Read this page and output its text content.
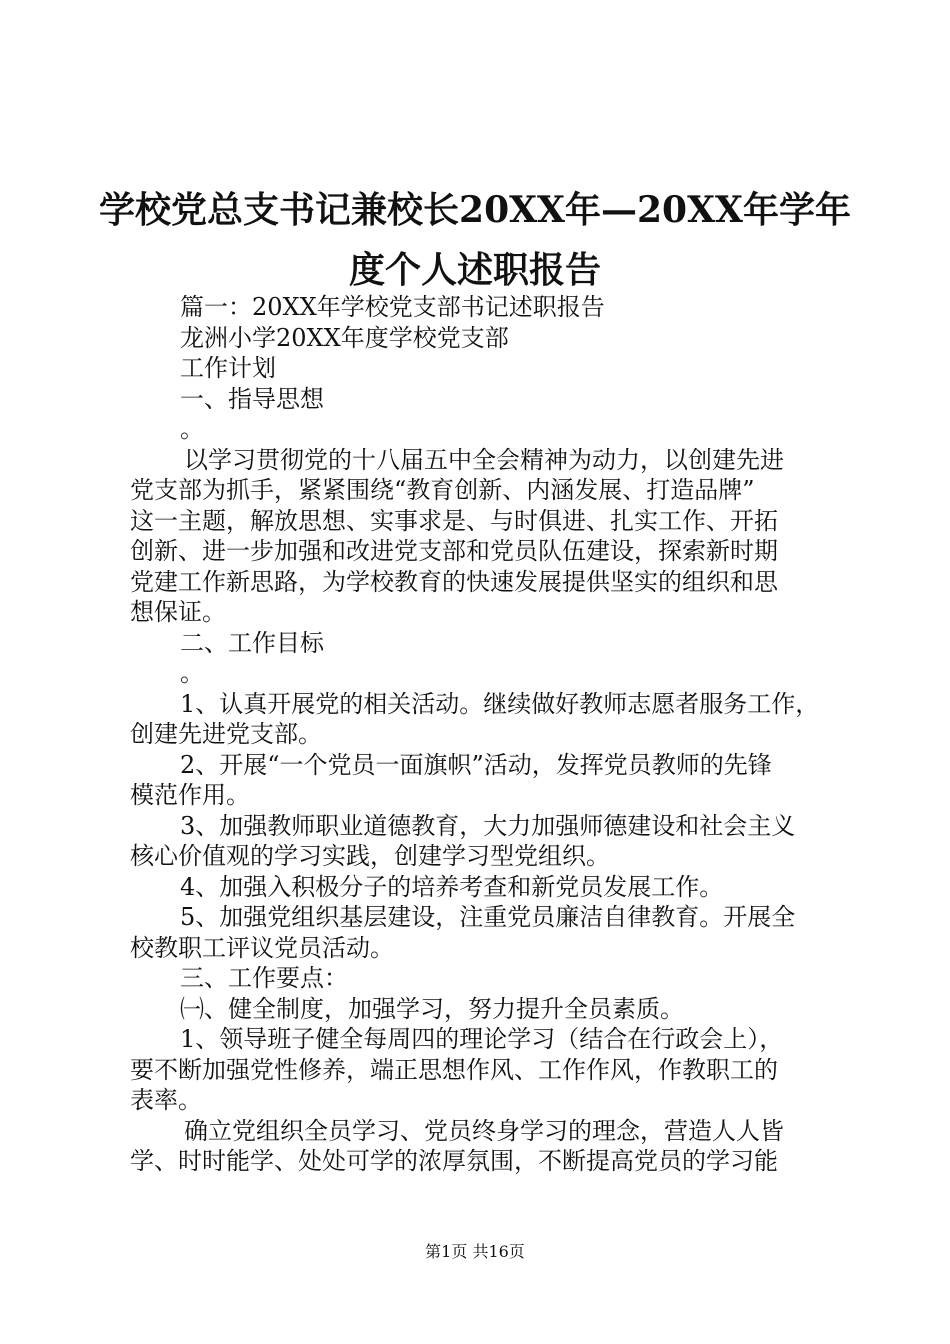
学校党总支书记兼校长20XX年—20XX年学年
度个人述职报告
篇一：20XX年学校党支部书记述职报告
龙洲小学20XX年度学校党支部
工作计划
一、指导思想
。
以学习贯彻党的十八届五中全会精神为动力，以创建先进
党支部为抓手，紧紧围绕“教育创新、内涵发展、打造品牌”
这一主题，解放思想、实事求是、与时俱进、扎实工作、开拓
创新、进一步加强和改进党支部和党员队伍建设，探索新时期
党建工作新思路，为学校教育的快速发展提供坚实的组织和思
想保证。
二、工作目标
。
1、认真开展党的相关活动。继续做好教师志愿者服务工作，
创建先进党支部。
2、开展“一个党员一面旗帜”活动，发挥党员教师的先锋
模范作用。
3、加强教师职业道德教育，大力加强师德建设和社会主义
核心价值观的学习实践，创建学习型党组织。
4、加强入积极分子的培养考查和新党员发展工作。
5、加强党组织基层建设，注重党员廉洁自律教育。开展全
校教职工评议党员活动。
三、工作要点：
㈠、健全制度，加强学习，努力提升全员素质。
1、领导班子健全每周四的理论学习（结合在行政会上），
要不断加强党性修养，端正思想作风、工作作风，作教职工的
表率。
确立党组织全员学习、党员终身学习的理念，营造人人皆
学、时时能学、处处可学的浓厚氛围，不断提高党员的学习能
第1页 共16页
